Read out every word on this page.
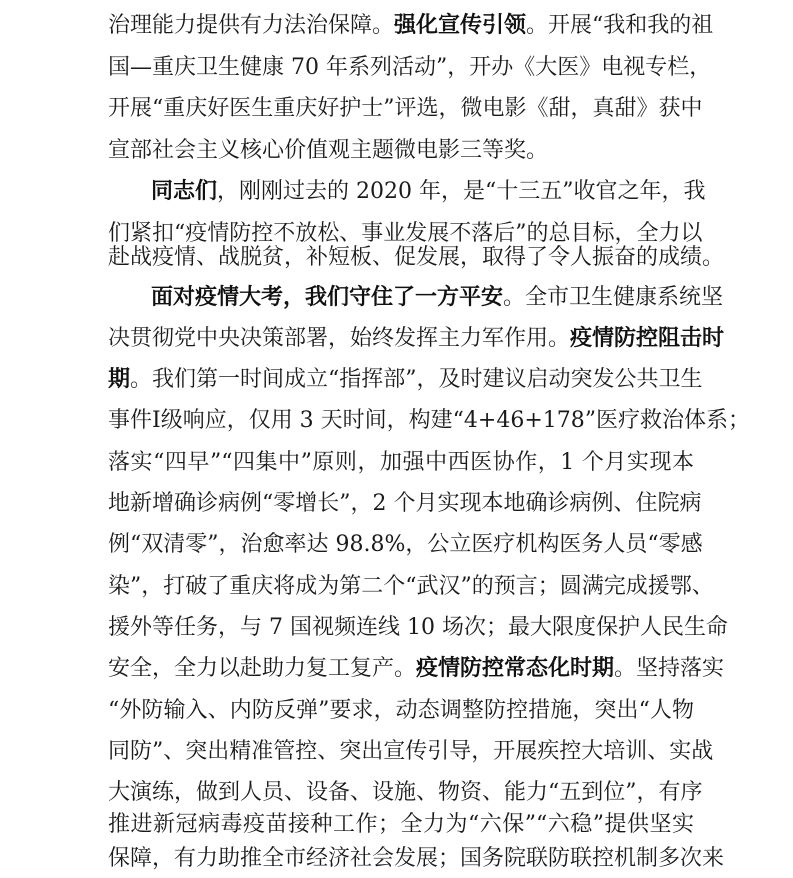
治理能力提供有力法治保障。强化宣传引领。开展“我和我的祖
国—重庆卫生健康 70 年系列活动”，开办《大医》电视专栏，
开展“重庆好医生重庆好护士”评选，微电影《甜，真甜》获中
宣部社会主义核心价值观主题微电影三等奖。
同志们，刚刚过去的 2020 年，是“十三五”收官之年，我
们紧扣“疫情防控不放松、事业发展不落后”的总目标，全力以
赴战疫情、战脱贫，补短板、促发展，取得了令人振奋的成绩。
面对疫情大考，我们守住了一方平安。全市卫生健康系统坚
决贯彻党中央决策部署，始终发挥主力军作用。疫情防控阻击时
期。我们第一时间成立“指挥部”，及时建议启动突发公共卫生
事件I级响应，仅用 3 天时间，构建“4+46+178”医疗救治体系；
落实“四早”“四集中”原则，加强中西医协作，1 个月实现本
地新增确诊病例“零增长”，2 个月实现本地确诊病例、住院病
例“双清零”，治愈率达 98.8%，公立医疗机构医务人员“零感
染”，打破了重庆将成为第二个“武汉”的预言；圆满完成援鄂、
援外等任务，与 7 国视频连线 10 场次；最大限度保护人民生命
安全，全力以赴助力复工复产。疫情防控常态化时期。坚持落实
“外防输入、内防反弹”要求，动态调整防控措施，突出“人物
同防”、突出精准管控、突出宣传引导，开展疾控大培训、实战
大演练，做到人员、设备、设施、物资、能力“五到位”，有序
推进新冠病毒疫苗接种工作；全力为“六保”“六稳”提供坚实
保障，有力助推全市经济社会发展；国务院联防联控机制多次来
